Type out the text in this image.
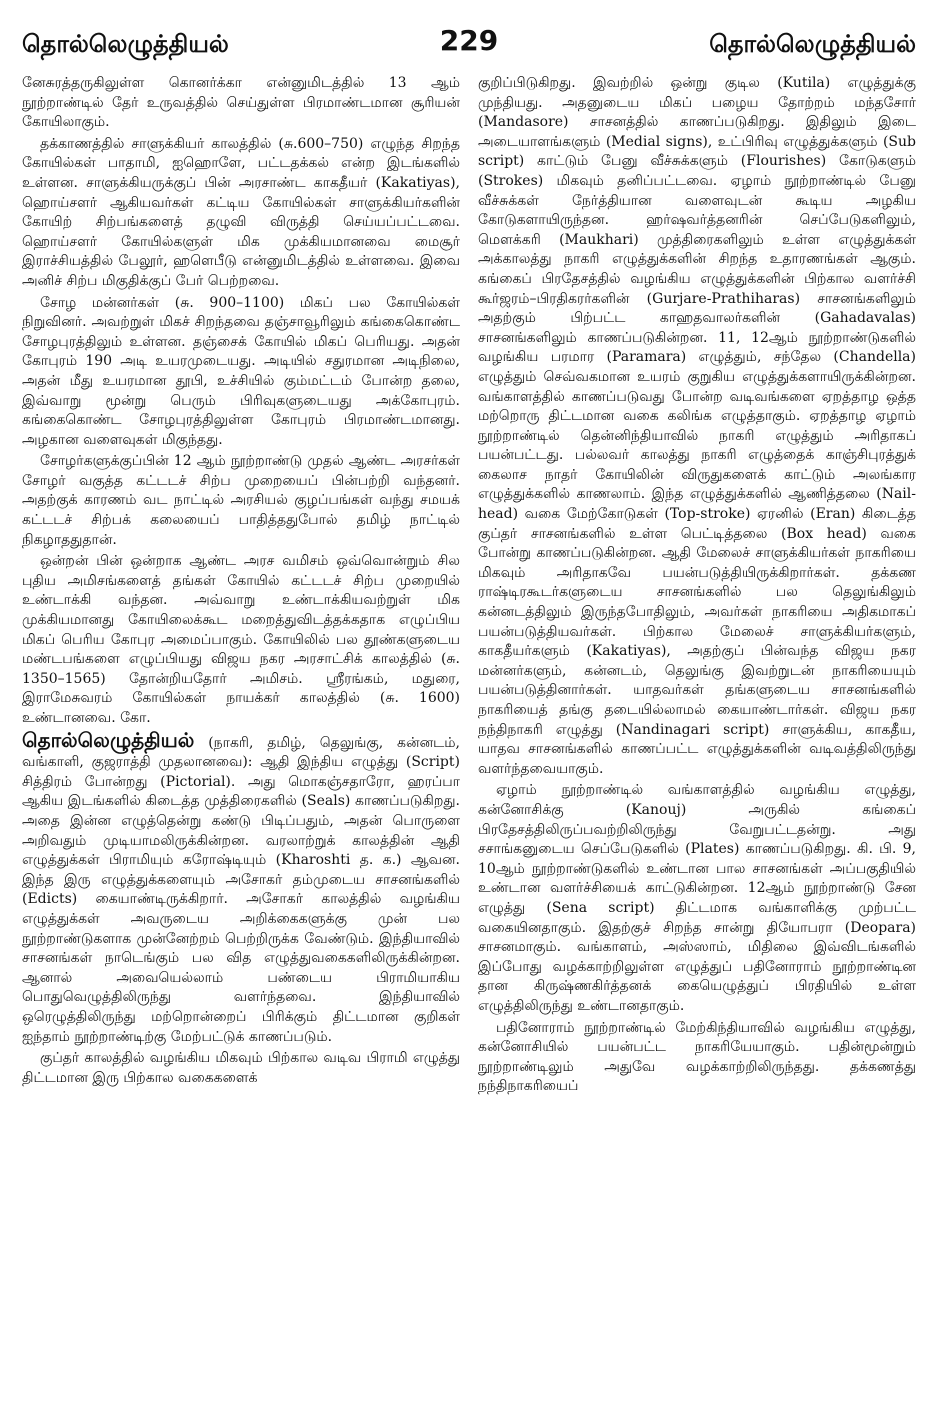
தொல்லெழுத்தியல்	229	தொல்லெழுத்தியல்

னேசுரத்தருகிலுள்ள கொனர்க்கா என்னுமிடத்தில் 13 ஆம் நூற்றாண்டில் தேர் உருவத்தில் செய்துள்ள பிரமாண்டமான சூரியன் கோயிலாகும்.

தக்காணத்தில் சாளுக்கியர் காலத்தில் (சு.600–750) எழுந்த சிறந்த கோயில்கள் பாதாமி, ஐஹொளே, பட்டதக்கல் என்ற இடங்களில் உள்ளன. சாளுக்கியருக்குப் பின் அரசாண்ட காகதீயர் (Kakatiyas), ஹொய்சளர் ஆகியவர்கள் கட்டிய கோயில்கள் சாளுக்கியர்களின் கோயிற் சிற்பங்களைத் தழுவி விருத்தி செய்யப்பட்டவை. ஹொய்சளர் கோயில்களுள் மிக முக்கியமானவை மைசூர் இராச்சியத்தில் பேலூர், ஹளெபீடு என்னுமிடத்தில் உள்ளவை. இவை அனிச் சிற்ப மிகுதிக்குப் பேர் பெற்றவை.

சோழ மன்னர்கள் (சு. 900–1100) மிகப் பல கோயில்கள் நிறுவினர். அவற்றுள் மிகச் சிறந்தவை தஞ்சாவூரிலும் கங்கைகொண்ட சோழபுரத்திலும் உள்ளன. தஞ்சைக் கோயில் மிகப் பெரியது. அதன் கோபுரம் 190 அடி உயரமுடையது. அடியில் சதுரமான அடிநிலை, அதன் மீது உயரமான தூபி, உச்சியில் கும்மட்டம் போன்ற தலை, இவ்வாறு மூன்று பெரும் பிரிவுகளுடையது அக்கோபுரம். கங்கைகொண்ட சோழபுரத்திலுள்ள கோபுரம் பிரமாண்டமானது. அழகான வளைவுகள் மிகுந்தது.

சோழர்களுக்குப்பின் 12 ஆம் நூற்றாண்டு முதல் ஆண்ட அரசர்கள் சோழர் வகுத்த கட்டடச் சிற்ப முறையைப் பின்பற்றி வந்தனர். அதற்குக் காரணம் வட நாட்டில் அரசியல் குழப்பங்கள் வந்து சமயக் கட்டடச் சிற்பக் கலையைப் பாதித்ததுபோல் தமிழ் நாட்டில் நிகழாததுதான்.

ஒன்றன் பின் ஒன்றாக ஆண்ட அரச வமிசம் ஒவ்வொன்றும் சில புதிய அமிசங்களைத் தங்கள் கோயில் கட்டடச் சிற்ப முறையில் உண்டாக்கி வந்தன. அவ்வாறு உண்டாக்கியவற்றுள் மிக முக்கியமானது கோயிலைக்கூட மறைத்துவிடத்தக்கதாக எழுப்பிய மிகப் பெரிய கோபுர அமைப்பாகும். கோயிலில் பல தூண்களுடைய மண்டபங்களை எழுப்பியது விஜய நகர அரசாட்சிக் காலத்தில் (சு. 1350–1565) தோன்றியதோர் அமிசம். ஸ்ரீரங்கம், மதுரை, இராமேசுவரம் கோயில்கள் நாயக்கர் காலத்தில் (சு. 1600) உண்டானவை. கோ.

தொல்லெழுத்தியல் (நாகரி, தமிழ், தெலுங்கு, கன்னடம், வங்காளி, குஜராத்தி முதலானவை): ஆதி இந்திய எழுத்து (Script) சித்திரம் போன்றது (Pictorial). அது மொகஞ்சதாரோ, ஹரப்பா ஆகிய இடங்களில் கிடைத்த முத்திரைகளில் (Seals) காணப்படுகிறது. அதை இன்ன எழுத்தென்று கண்டு பிடிப்பதும், அதன் பொருளை அறிவதும் முடியாமலிருக்கின்றன. வரலாற்றுக் காலத்தின் ஆதி எழுத்துக்கள் பிராமியும் கரோஷ்டியும் (Kharoshti த. க.) ஆவன. இந்த இரு எழுத்துக்களையும் அசோகர் தம்முடைய சாசனங்களில் (Edicts) கையாண்டிருக்கிறார். அசோகர் காலத்தில் வழங்கிய எழுத்துக்கள் அவருடைய அறிக்கைகளுக்கு முன் பல நூற்றாண்டுகளாக முன்னேற்றம் பெற்றிருக்க வேண்டும். இந்தியாவில் சாசனங்கள் நாடெங்கும் பல வித எழுத்துவகைகளிலிருக்கின்றன. ஆனால் அவையெல்லாம் பண்டைய பிராமியாகிய பொதுவெழுத்திலிருந்து வளர்ந்தவை. இந்தியாவில் ஒரெழுத்திலிருந்து மற்றொன்றைப் பிரிக்கும் திட்டமான குறிகள் ஐந்தாம் நூற்றாண்டிற்கு மேற்பட்டுக் காணப்படும்.

குப்தர் காலத்தில் வழங்கிய மிகவும் பிற்கால வடிவ பிராமி எழுத்து திட்டமான இரு பிற்கால வகைகளைக்

குறிப்பிடுகிறது. இவற்றில் ஒன்று குடில (Kutila) எழுத்துக்கு முந்தியது. அதனுடைய மிகப் பழைய தோற்றம் மந்தசோர் (Mandasore) சாசனத்தில் காணப்படுகிறது. இதிலும் இடை அடையாளங்களும் (Medial signs), உட்பிரிவு எழுத்துக்களும் (Sub script) காட்டும் பேனு வீச்சுக்களும் (Flourishes) கோடுகளும் (Strokes) மிகவும் தனிப்பட்டவை. ஏழாம் நூற்றாண்டில் பேனு வீச்சுக்கள் நேர்த்தியான வளைவுடன் கூடிய அழகிய கோடுகளாயிருந்தன. ஹர்ஷவர்த்தனரின் செப்பேடுகளிலும், மௌக்கரி (Maukhari) முத்திரைகளிலும் உள்ள எழுத்துக்கள் அக்காலத்து நாகரி எழுத்துக்களின் சிறந்த உதாரணங்கள் ஆகும். கங்கைப் பிரதேசத்தில் வழங்கிய எழுத்துக்களின் பிற்கால வளர்ச்சி கூர்ஜரம்–பிரதிகரர்களின் (Gurjare-Prathiharas) சாசனங்களிலும் அதற்கும் பிற்பட்ட காஹதவாலர்களின் (Gahadavalas) சாசனங்களிலும் காணப்படுகின்றன. 11, 12ஆம் நூற்றாண்டுகளில் வழங்கிய பரமார (Paramara) எழுத்தும், சந்தேல (Chandella) எழுத்தும் செவ்வகமான உயரம் குறுகிய எழுத்துக்களாயிருக்கின்றன. வங்காளத்தில் காணப்படுவது போன்ற வடிவங்களை ஏறத்தாழ ஒத்த மற்றொரு திட்டமான வகை கலிங்க எழுத்தாகும். ஏறத்தாழ ஏழாம் நூற்றாண்டில் தென்னிந்தியாவில் நாகரி எழுத்தும் அரிதாகப் பயன்பட்டது. பல்லவர் காலத்து நாகரி எழுத்தைக் காஞ்சிபுரத்துக் கைலாச நாதர் கோயிலின் விருதுகளைக் காட்டும் அலங்கார எழுத்துக்களில் காணலாம். இந்த எழுத்துக்களில் ஆணித்தலை (Nail-head) வகை மேற்கோடுகள் (Top-stroke) ஏரனில் (Eran) கிடைத்த குப்தர் சாசனங்களில் உள்ள பெட்டித்தலை (Box head) வகை போன்று காணப்படுகின்றன. ஆதி மேலைச் சாளுக்கியர்கள் நாகரியை மிகவும் அரிதாகவே பயன்படுத்தியிருக்கிறார்கள். தக்கண ராஷ்டிரகூடர்களுடைய சாசனங்களில் பல தெலுங்கிலும் கன்னடத்திலும் இருந்தபோதிலும், அவர்கள் நாகரியை அதிகமாகப் பயன்படுத்தியவர்கள். பிற்கால மேலைச் சாளுக்கியர்களும், காகதீயர்களும் (Kakatiyas), அதற்குப் பின்வந்த விஜய நகர மன்னர்களும், கன்னடம், தெலுங்கு இவற்றுடன் நாகரியையும் பயன்படுத்தினார்கள். யாதவர்கள் தங்களுடைய சாசனங்களில் நாகரியைத் தங்கு தடையில்லாமல் கையாண்டார்கள். விஜய நகர நந்திநாகரி எழுத்து (Nandinagari script) சாளுக்கிய, காகதீய, யாதவ சாசனங்களில் காணப்பட்ட எழுத்துக்களின் வடிவத்திலிருந்து வளர்ந்தவையாகும்.

ஏழாம் நூற்றாண்டில் வங்காளத்தில் வழங்கிய எழுத்து, கன்னோசிக்கு (Kanouj) அருகில் கங்கைப் பிரதேசத்திலிருப்பவற்றிலிருந்து வேறுபட்டதன்று. அது சசாங்கனுடைய செப்பேடுகளில் (Plates) காணப்படுகிறது. கி. பி. 9, 10ஆம் நூற்றாண்டுகளில் உண்டான பால சாசனங்கள் அப்பகுதியில் உண்டான வளர்ச்சியைக் காட்டுகின்றன. 12ஆம் நூற்றாண்டு சேன எழுத்து (Sena script) திட்டமாக வங்காளிக்கு முற்பட்ட வகையினதாகும். இதற்குச் சிறந்த சான்று தியோபரா (Deopara) சாசனமாகும். வங்காளம், அஸ்ஸாம், மிதிலை இவ்விடங்களில் இப்போது வழக்காற்றிலுள்ள எழுத்துப் பதினோராம் நூற்றாண்டின தான கிருஷ்ணகிர்த்தனக் கையெழுத்துப் பிரதியில் உள்ள எழுத்திலிருந்து உண்டானதாகும்.

பதினோராம் நூற்றாண்டில் மேற்கிந்தியாவில் வழங்கிய எழுத்து, கன்னோசியில் பயன்பட்ட நாகரியேயாகும். பதின்மூன்றும் நூற்றாண்டிலும் அதுவே வழக்காற்றிலிருந்தது. தக்கணத்து நந்திநாகரியைப்
